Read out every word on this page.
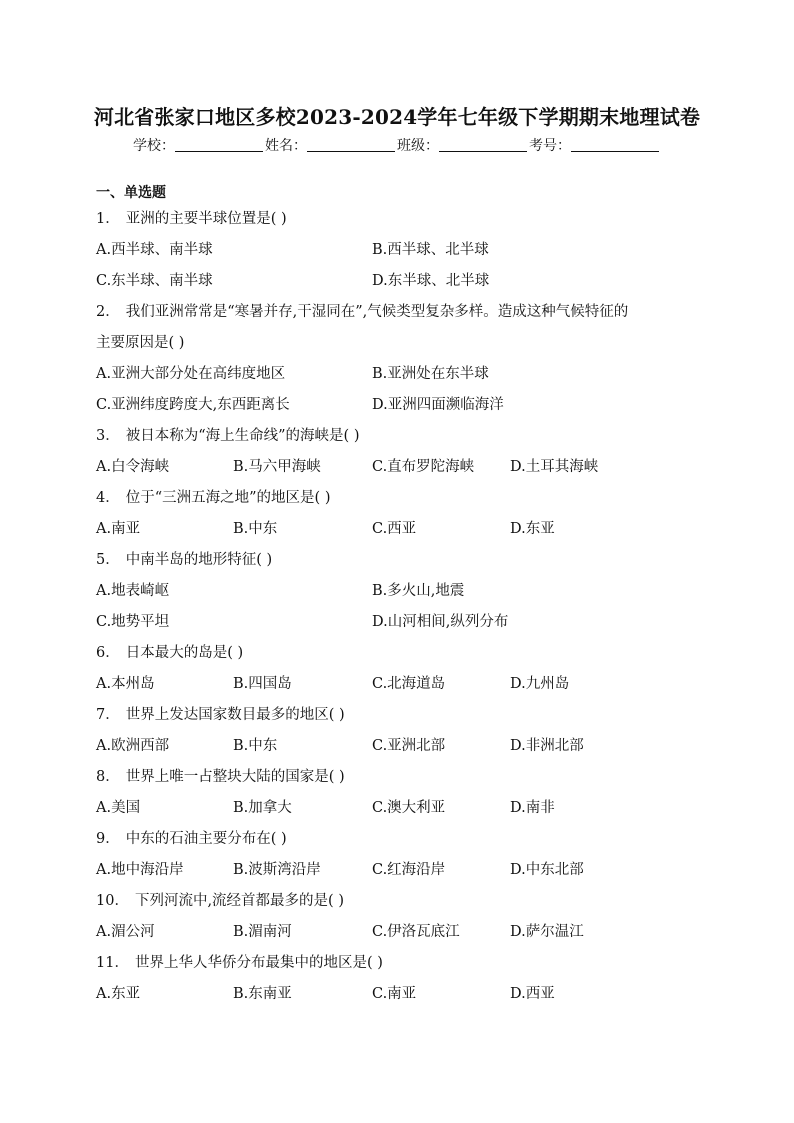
河北省张家口地区多校2023-2024学年七年级下学期期末地理试卷
学校：	姓名：	班级：	考号：
一、单选题
1． 亚洲的主要半球位置是( )
A.西半球、南半球	B.西半球、北半球
C.东半球、南半球	D.东半球、北半球
2． 我们亚洲常常是“寒暑并存,干湿同在”,气候类型复杂多样。造成这种气候特征的
主要原因是( )
A.亚洲大部分处在高纬度地区	B.亚洲处在东半球
C.亚洲纬度跨度大,东西距离长	D.亚洲四面濒临海洋
3． 被日本称为“海上生命线”的海峡是( )
A.白令海峡	B.马六甲海峡	C.直布罗陀海峡 D.土耳其海峡
4． 位于“三洲五海之地”的地区是( )
A.南亚	B.中东	C.西亚	D.东亚
5． 中南半岛的地形特征( )
A.地表崎岖	B.多火山,地震
C.地势平坦	D.山河相间,纵列分布
6． 日本最大的岛是( )
A.本州岛	B.四国岛	C.北海道岛	D.九州岛
7． 世界上发达国家数目最多的地区( )
A.欧洲西部	B.中东	C.亚洲北部	D.非洲北部
8． 世界上唯一占整块大陆的国家是( )
A.美国	B.加拿大	C.澳大利亚	D.南非
9． 中东的石油主要分布在( )
A.地中海沿岸	B.波斯湾沿岸	C.红海沿岸	D.中东北部
10． 下列河流中,流经首都最多的是( )
A.湄公河	B.湄南河	C.伊洛瓦底江	D.萨尔温江
11． 世界上华人华侨分布最集中的地区是( )
A.东亚	B.东南亚	C.南亚	D.西亚
